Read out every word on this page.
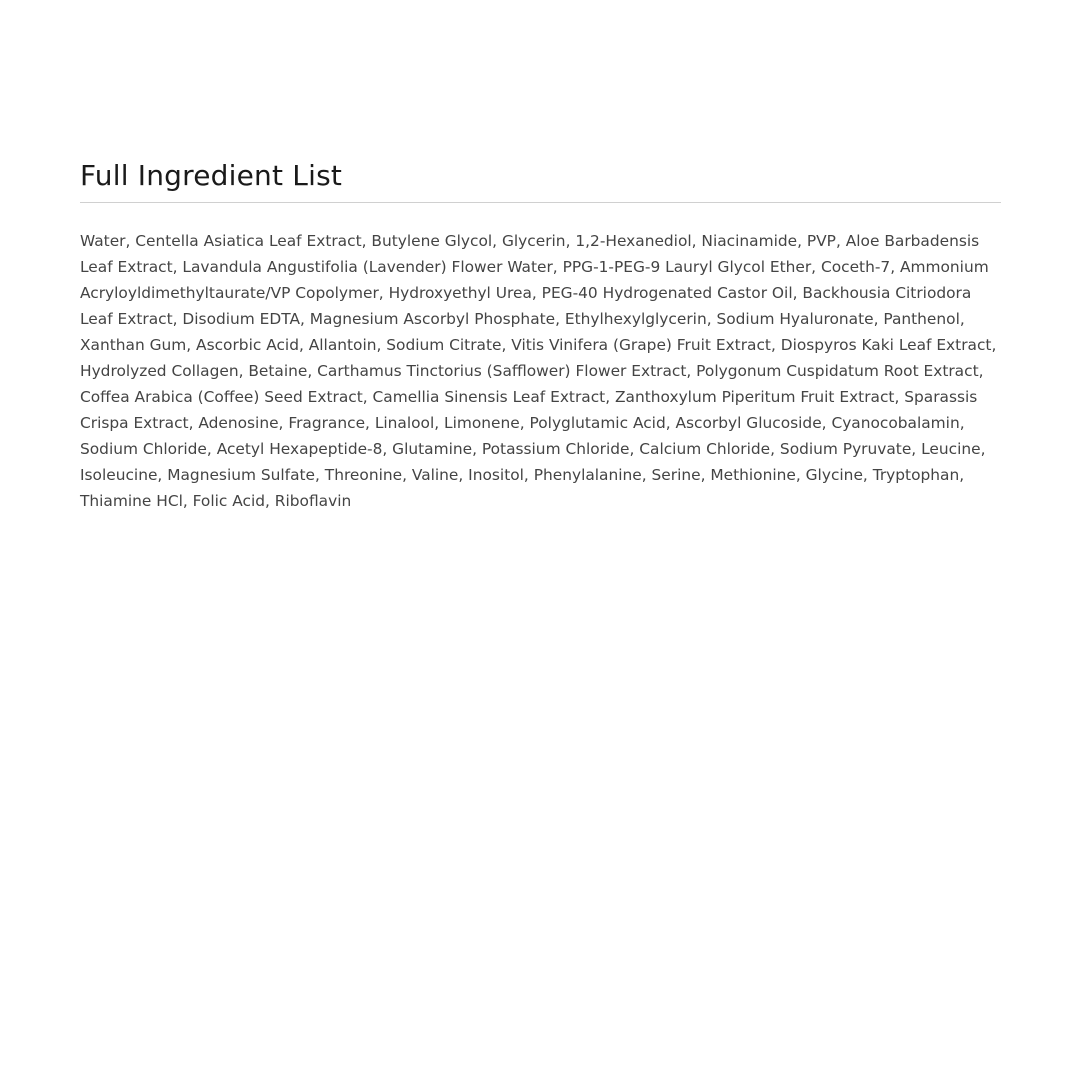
Full Ingredient List

Water, Centella Asiatica Leaf Extract, Butylene Glycol, Glycerin, 1,2-Hexanediol, Niacinamide, PVP, Aloe Barbadensis Leaf Extract, Lavandula Angustifolia (Lavender) Flower Water, PPG-1-PEG-9 Lauryl Glycol Ether, Coceth-7, Ammonium Acryloyldimethyltaurate/VP Copolymer, Hydroxyethyl Urea, PEG-40 Hydrogenated Castor Oil, Backhousia Citriodora Leaf Extract, Disodium EDTA, Magnesium Ascorbyl Phosphate, Ethylhexylglycerin, Sodium Hyaluronate, Panthenol, Xanthan Gum, Ascorbic Acid, Allantoin, Sodium Citrate, Vitis Vinifera (Grape) Fruit Extract, Diospyros Kaki Leaf Extract, Hydrolyzed Collagen, Betaine, Carthamus Tinctorius (Safflower) Flower Extract, Polygonum Cuspidatum Root Extract, Coffea Arabica (Coffee) Seed Extract, Camellia Sinensis Leaf Extract, Zanthoxylum Piperitum Fruit Extract, Sparassis Crispa Extract, Adenosine, Fragrance, Linalool, Limonene, Polyglutamic Acid, Ascorbyl Glucoside, Cyanocobalamin, Sodium Chloride, Acetyl Hexapeptide-8, Glutamine, Potassium Chloride, Calcium Chloride, Sodium Pyruvate, Leucine, Isoleucine, Magnesium Sulfate, Threonine, Valine, Inositol, Phenylalanine, Serine, Methionine, Glycine, Tryptophan, Thiamine HCl, Folic Acid, Riboflavin
